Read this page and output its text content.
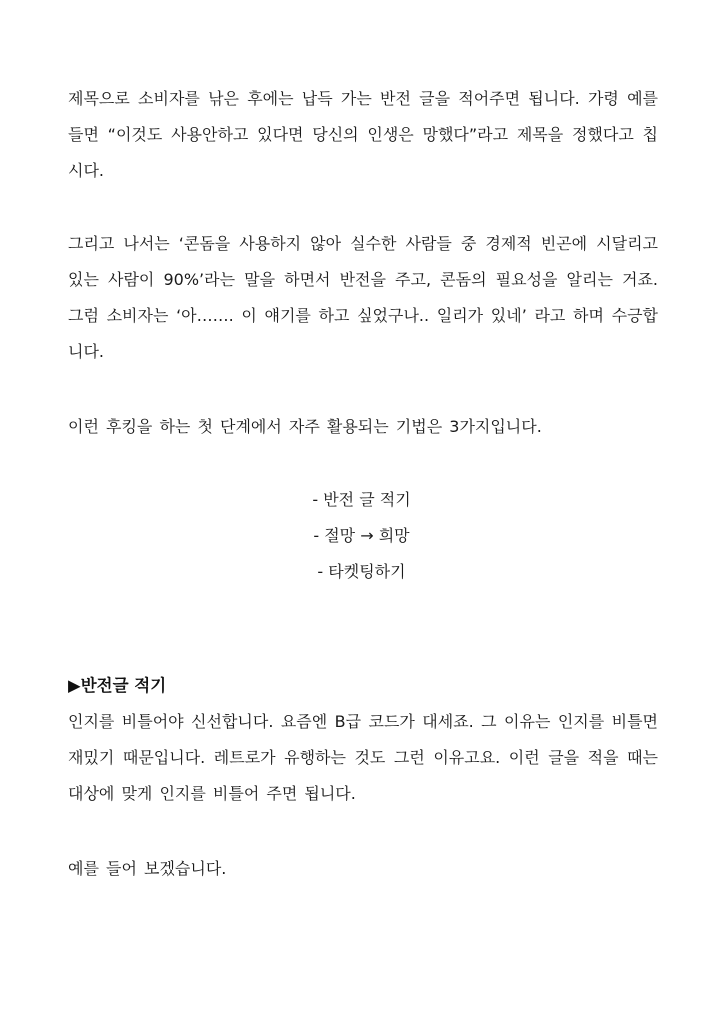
제목으로 소비자를 낚은 후에는 납득 가는 반전 글을 적어주면 됩니다. 가령 예를 들면 “이것도 사용안하고 있다면 당신의 인생은 망했다”라고 제목을 정했다고 칩시다.

그리고 나서는 ‘콘돔을 사용하지 않아 실수한 사람들 중 경제적 빈곤에 시달리고 있는 사람이 90%’라는 말을 하면서 반전을 주고, 콘돔의 필요성을 알리는 거죠. 그럼 소비자는 ‘아……. 이 얘기를 하고 싶었구나.. 일리가 있네’ 라고 하며 수긍합니다.

이런 후킹을 하는 첫 단계에서 자주 활용되는 기법은 3가지입니다.

- 반전 글 적기
- 절망 → 희망
- 타켓팅하기
▶반전글 적기

인지를 비틀어야 신선합니다. 요즘엔 B급 코드가 대세죠. 그 이유는 인지를 비틀면 재밌기 때문입니다. 레트로가 유행하는 것도 그런 이유고요. 이런 글을 적을 때는 대상에 맞게 인지를 비틀어 주면 됩니다.

예를 들어 보겠습니다.
